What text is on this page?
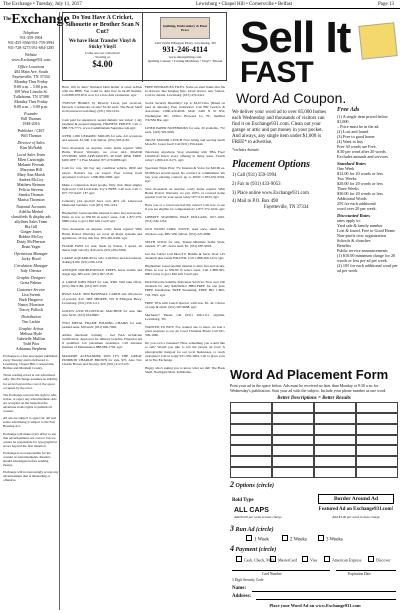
The Exchange • Tuesday, July 11, 2017	Lewisburg • Chapel Hill • Cornersville • Belfast	Page 13
$^{The}$Exchange
Telephone
931-359-1904
931-455-3566 931-759-3994
931-728-3273 931-684-1285
Website
www.Exchange931.com
Office Locations
404 Main Ave. South
Fayetteville, TN 37334
Monday Thru Friday
8:00 a.m. – 5:00 p.m.
109 West Lincoln St.
Tullahoma, TN 37388
Monday Thru Friday
8:00 a.m. – 5:00 p.m.
Founder
Bill Thomas
1948-2016
Publisher / CEO
Will Thomas
Director of Sales
Kim McNabb
Local Sales Team
Ellen Cartwright
Melanie Fiveash
Maryann Hill
Mary Ann Marsh
Andrea McCoy
Matthew Reimon
Felicia Stevens
Sandra Thomas
Marisa Thornton
National Accounts
Adelfia Merkel
classifieds & display ads
allylines Sales Team
Ria Gill
Ginger Jones
Bobbie McCoy
Dusty McPherson
Brian Yager
Operations Manager
Jacky Hood
Circulation Manager
Jody Chessor
Graphic Designer
Greta Palmer
Customer Service
Lisa Sweatt
Barb Hargrove
Nancy Morrison
Tracey Pollock
Distribution
Tim Lackie
Graphic Artists
Melissa Hyde
Gabrielle Mullins
Todd Pitts
Adrianna Stephens

Exchange is a free newspaper published every Tuesday and is delivered to Lewisburg, Chapel Hill, Cornersville, Belfast and Marshall County.

Those reading errors at our advertisers only. The Exchange assumes no liability for errors beyond the cost of the space occupied by the error.

The Exchange reserves the right to edit, revise, or reject any advertisement. Ads are accepted on the basis that the advertiser holds rights to publish all content.

All ads are subject to approval. All real estate advertising is subject to the Fair Housing Act.

Exchange will make every effort to see that advertisements are correct, but we cannot be responsible for typographical errors beyond the first insertion.

Exchange is not responsible for the content of advertisements. Readers should investigate before sending money.

Exchange will not knowingly accept any advertisement that is misleading or offensive.

Do You Have A Cricket, Silhouette or Brother Scan N Cut?
We have Heat Transfer Vinyl & Sticky Vinyl!
Come see our collection!
Starting at
$4.00
Quilting, Embroidery & Heat Press
1410 North Ellington Pkwy, Lewisburg, TN
931-246-4114
www.tnnstquilting.com
Quilting Classes • Cutting Machines • Vinyl • Thread

Have 100 in debt? National Debt Relief is rated A-Plus with the BBB. You could be debt free in 24-48 months. Call 888-678-6311 now for a free debt evaluation. sgtv

TWELVE BOOKS by Beverly Lewis, just received, $2/each. Cookbooks on sale! $1-$2 each. The Book Shelf in Downtown Lewisburg. (931) 359-1234.

Cash paid for unexpired, sealed diabetic test strips! 1 day payment & prepaid shipping. HIGHEST PRICES! Call 1-888-776-7771. www.Cash4DiabeticSupplies.com sgtv

OVER 1,000 CERAMIC MOLDS for sale. All occasions and seasons. $1,500. Can deliver. (931) 993-6181.

Save thousands on surprise costly home repairs! With Home Protect Warranty, we cover ALL MAJOR SYSTEMS AND APPLIANCES. 30 DAY RISK FREE. $200 OFF + 2 Free Months! 877-279-9686 sgtv

Cash for cars. We buy any condition vehicle, 2000 and newer. Nation's top car buyer! Free towing from anywhere! Call now 1-800-864-5960. sgtv

Make a connection. Real people, flirty chat. Meet singles right now! Call LiveLinks. Try it FREE. Call now. Call 1-877-737-9447. 18+ sgtv

Cemetery plot special! Save over 40% off. Lakewood Memorial Gardens. Call (931) 359-1234.

HughesNet: Gen4 satellite internet is ultra fast and secure. Plans as low as $39.99 in select areas. Call 1-877-279-9686 today to get a $50 Gift Card! sgtv

Save thousands on surprise costly home repairs! With Home Protect Warranty we cover all major systems and appliances. 30 day risk free. 855-495-9436. sgtv

FLOOR FANS for sale, made by Patton, 3 speed, all metal, high velocity, $20 each. (931) 604-5596.

LARGE AQUARIUM for sale, with filter and decorations. Asking $100. (931) 206-1234.

ANTIQUE DOUBLESINGLE TREES, horse double and single rigs. $85 each. (931) 607-3318.

A LARGE KIDS BOAT for sale, $300. Will take offers. (931) 209-5186. (931) 607-3318.

HUGE SALE, 3000 BASEBALL CARDS and 100 pieces of jewelry. $10. THE SHOPPE, 503 N Ellington Pkwy, Lewisburg. (931) 359-1111.

GOLD'S GYM ELLIPTICAL MACHINE for sale, like new. $150. (615) 934-8965.

TWO METAL FRAME FOLDING CHAIRS for sale, padded seats. $30/each. (931) 606-7096.

Airline mechanic training - Get FAA technician certification. Approved for military benefits. Financial aid if qualified. Job placement assistance. Call Aviation Institute of Maintenance 888-686-1704. sgtv

MADAME ALEXANDER 2003 IT'S THE GREAT PUMPKIN CHARLIE BROWN for sale, $75. Also Two Charlie Brown and Snoopy. $20. (901) 212-5123.

FREE PENDAFLEX FILES. Some on steel frame that fits in drawers, like hanging files, travel drawer, new folders. Call for details. Lewisburg. (615) 479-2412.

Social Security Disability? Up to $2,671/mo. (Based on paid in amount.) Free evaluation! Call Bill Gordon & Associates 1-800-419-4056. Mail: 2420 N St NW, Washington DC. Office: Broward Co. FL, member TX/NM Bar. sgtv

LINED PAPER NOTEBOOKS for sale, 20 available, 75¢ each. (423) 595-9005.

TRUST MANOR LUNCH Now hiring and serving lunch Mon-Fri. Great food! Call (931) 359-4444.

Television anywhere. Stop streaming with TBA Free! Climb/Lift Inbox every offering in many areas. Switch today! 1-800-411-6171. sgtv

Spectrum Triple Play: TV, Internet & Voice for $29.99 ea. 60 MB per second speed. No contract or commitment. We buy your existing contract up to $500! 1-855-652-9304. sgtv

Save thousands on surprise costly home repairs! With Home Protect Warranty we pay 100% of covered home repairs! Call for your quote today! 877-915-6033. sgtv

Have you or a loved one had hip cancer? Call now to see if you are eligible for compensation! 1-877-372-1024. sgtv

LIBERTY STANDING HALF DOLLARS, 1917-1945. (931) 240-1234.

OLD WOOD CORK STOVE, used once, small size, chicken coop, $80. Will deliver. (931) 225-2666.

SELTH STICK for sale, Transit Minimax Selfie Stick, extends 17"-40", never used. $5. (931) 687-9093.

Get the Cable! Call DirecTV. Bundle & Save! Over 145 channels plus Genie HD-DVR. Call 1-888-260-1474. sgtv

HughesNet: Gen4 satellite internet is ultra fast and secure. Plans as low as $39.99 in select areas. Call 1-888-395-8003 today to get a $50 Gift Card! sgtv

Dish Network-Satellite Television Services. Now over 190 channels for only $49.99/mo! HBO-FREE for one year, FREE Installation, FREE Streaming, FREE HD. 1-800-718-1593. sgtv

FREE TEA with Lunch Special, with Gas. $5. 42. Choice of soup & salad. (931) 297-6688. sgtv

Mechanic? Please call (931) 206-1111 anytime. Lewisburg, TN.

WANTED TO BUY: I've wanted one to know we had a great response to our ad. Good Christian Book! Call 931-599-1960.

Do you own a business? Have something you would like to sell? Would you like to tell the people all four! A photographic hangout for our local businesses, to reach customers! Call us today 931-359-1904. Call to place your ad in The Exchange.

Happy who's asking you to know what we did! The Book Shelf, Northgate Mall, Tullahoma.

Sell It
FAST
Word Ad Coupon.
We deliver your word ad to over 85,000 homes each Wednesday and thousands of visitors can find it on Exchange931.com. Clean out your garage or attic and put money in your pocket. And always, any single item under $1,000 is FREE* to advertise.
*excludes Animals
Placement Options
1) Call (931) 359-1994
2) Fax to (931) 433-9053
3) Place online www.Exchange931.com
4) Mail to P.O. Box 490
Fayetteville, TN 37334
Free Ads
(1) A single item priced below $1,000.
– Price must be in the ad.
(2) Lost and found
(3) Free to good home
(4) Want to buy
Free 30 words are Free.
$.30 per word after 20 words.
Excludes animals and services.
Standard Rates
One Week
$12.00 for 20 words or less
Two Weeks
$20.00 for 20 words or less
Three Weeks
$30.00 for 20 words or less
Additional Words
25¢ for each additional
word over 20 per week.
Discounted Rates
rates apply to:
Yard sale & family number
Lost & found, Free to Good Home
Non-profit civic organization
Schools & churches
Benefits
Public service announcements
(1) $10.00 minimum charge for 20 words or less per ad per week
(2) 10¢ for each additional word per ad per week.
Word Ad Placement Form
Print your ad in the space below. Ads must be received no later than Monday at 9:30 a.m. for Wednesday's publication. Start your ad with the subject. Include your phone number as one word.
Better Descriptions = Better Results
2 Options (circle)
Bold Type
ALL CAPS
Add $5.00 per week to base charge
Border Around Ad
Featured Ad on Exchange931.com!
Add $5.00 per week to base charge
3 Run Ad (circle)
1 Week	2 Weeks	3 Weeks
4 Payment (circle)
Cash, Check, M.O. MasterCard	Visa	American Express	Discover
Card Number	Expiration Date
3 Digit Security Code
Name:
Address:
Place your Word Ad on www.Exchange931.com
